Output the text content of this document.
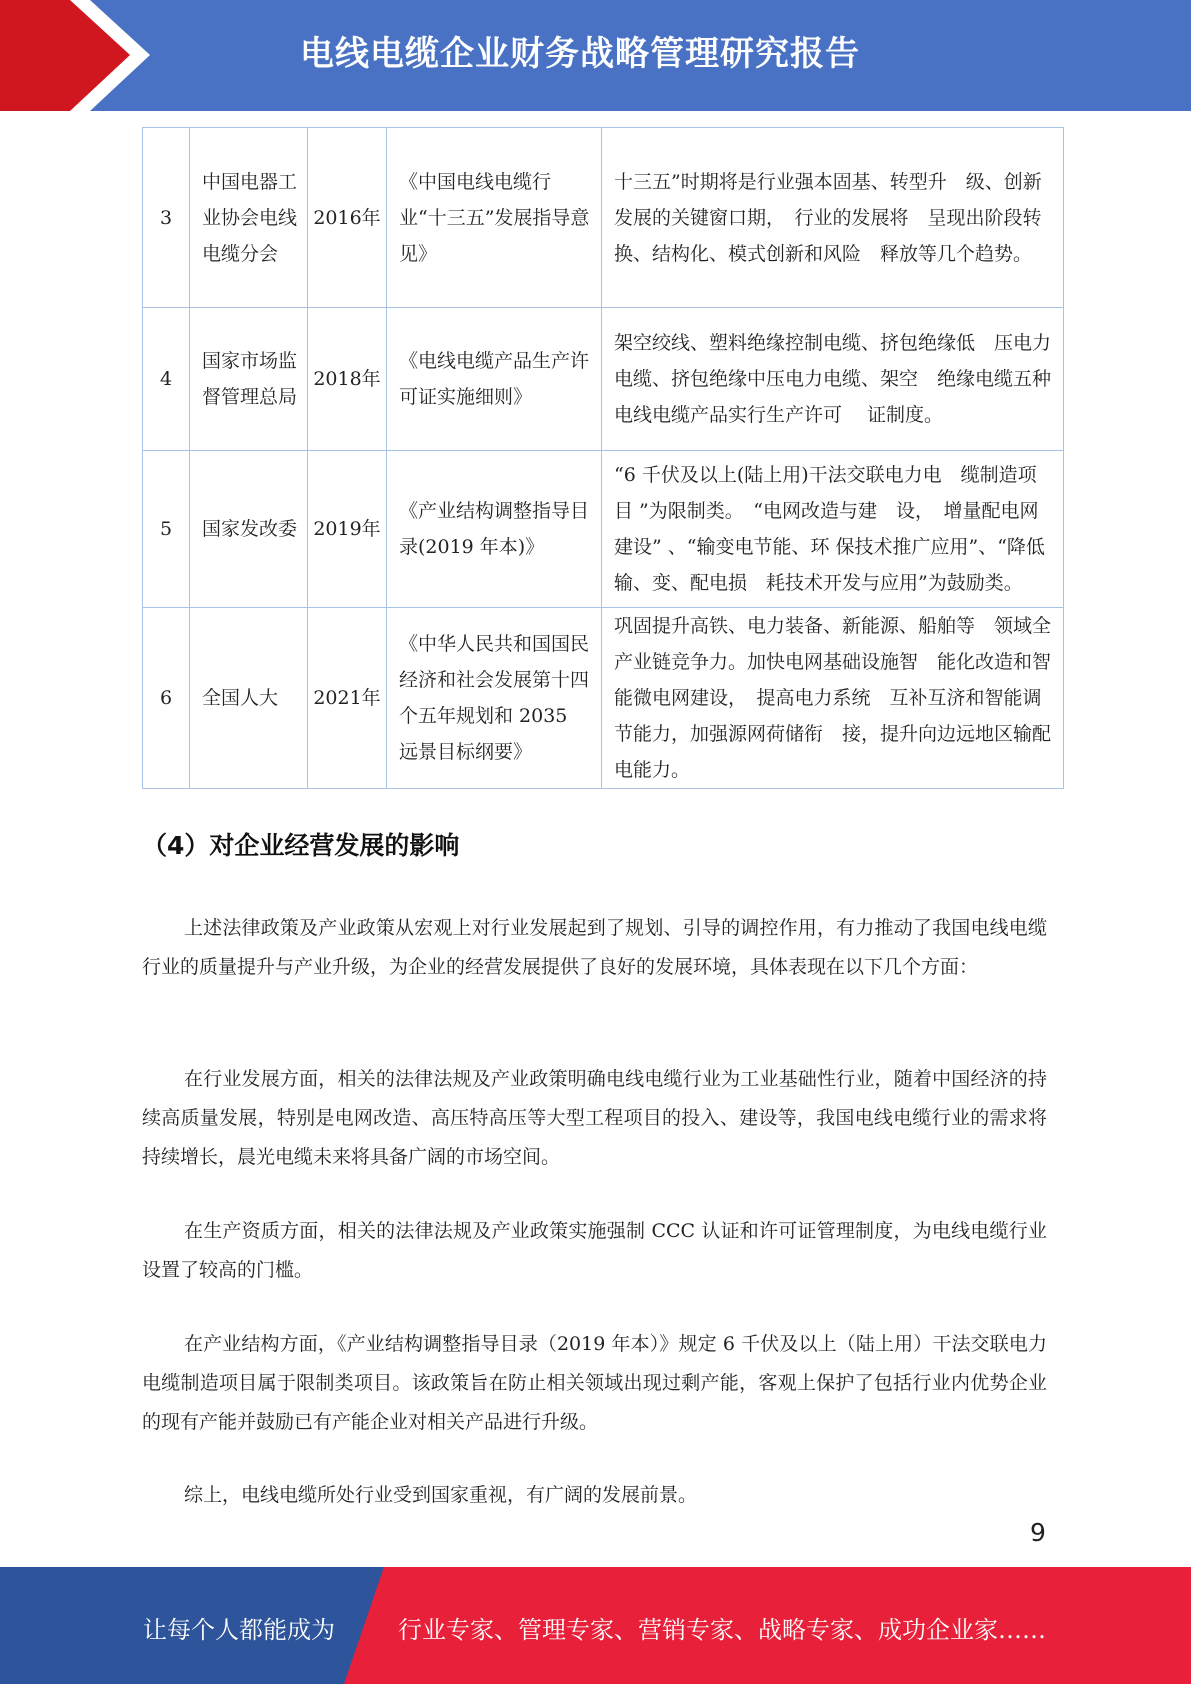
电线电缆企业财务战略管理研究报告
3	中国电器工业协会电线电缆分会	2016年	《中国电线电缆行业“十三五”发展指导意见》	十三五”时期将是行业强本固基、转型升　级、创新发展的关键窗口期，　行业的发展将　呈现出阶段转换、结构化、模式创新和风险　释放等几个趋势。
4	国家市场监督管理总局	2018年	《电线电缆产品生产许可证实施细则》	架空绞线、塑料绝缘控制电缆、挤包绝缘低　压电力电缆、挤包绝缘中压电力电缆、架空　绝缘电缆五种电线电缆产品实行生产许可　 证制度。
5	国家发改委	2019年	《产业结构调整指导目录(2019 年本)》	“6 千伏及以上(陆上用)干法交联电力电　缆制造项目 ”为限制类。　“电网改造与建　设，　增量配电网建设” 、“输变电节能、环 保技术推广应用”、“降低输、变、配电损　耗技术开发与应用”为鼓励类。
6	全国人大	2021年	《中华人民共和国国民经济和社会发展第十四个五年规划和 2035 远景目标纲要》	巩固提升高铁、电力装备、新能源、船舶等　领域全产业链竞争力。加快电网基础设施智　能化改造和智能微电网建设，　提高电力系统　互补互济和智能调节能力，加强源网荷储衔　接，提升向边远地区输配电能力。
（4）对企业经营发展的影响

上述法律政策及产业政策从宏观上对行业发展起到了规划、引导的调控作用，有力推动了我国电线电缆行业的质量提升与产业升级，为企业的经营发展提供了良好的发展环境，具体表现在以下几个方面：

在行业发展方面，相关的法律法规及产业政策明确电线电缆行业为工业基础性行业，随着中国经济的持续高质量发展，特别是电网改造、高压特高压等大型工程项目的投入、建设等，我国电线电缆行业的需求将持续增长，晨光电缆未来将具备广阔的市场空间。

在生产资质方面，相关的法律法规及产业政策实施强制 CCC 认证和许可证管理制度，为电线电缆行业设置了较高的门槛。

在产业结构方面，《产业结构调整指导目录（2019 年本）》规定 6 千伏及以上（陆上用）干法交联电力电缆制造项目属于限制类项目。该政策旨在防止相关领域出现过剩产能，客观上保护了包括行业内优势企业的现有产能并鼓励已有产能企业对相关产品进行升级。

综上，电线电缆所处行业受到国家重视，有广阔的发展前景。

9
让每个人都能成为	行业专家、管理专家、营销专家、战略专家、成功企业家……
